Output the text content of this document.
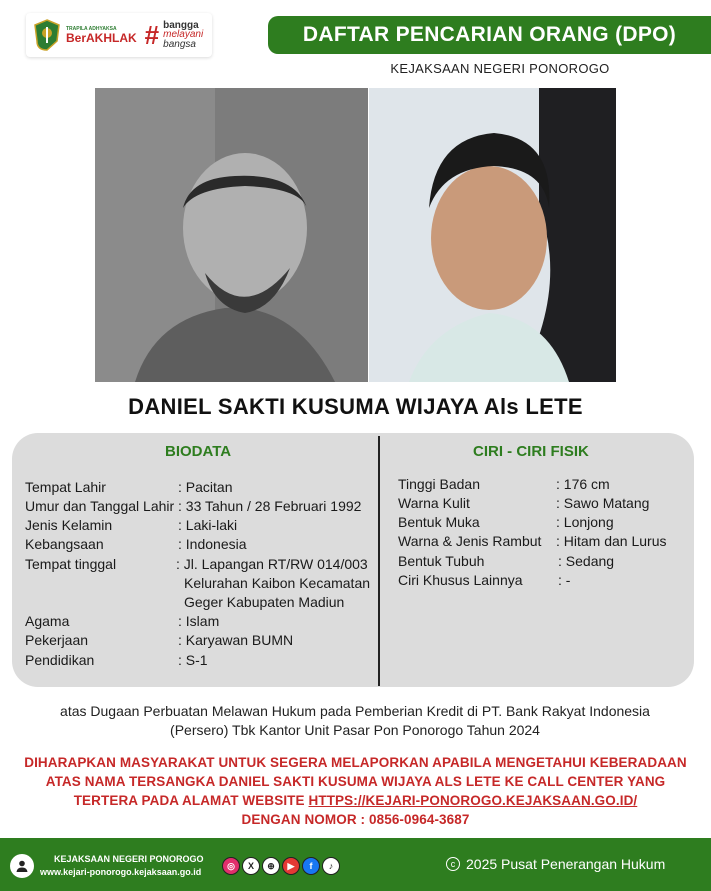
TRAPILA ADHYAKSA
BerAKHLAK # bangga
melayani
bangsa	DAFTAR PENCARIAN ORANG (DPO)
KEJAKSAAN NEGERI PONOROGO
DANIEL SAKTI KUSUMA WIJAYA Als LETE
BIODATA	CIRI - CIRI FISIK
Tempat Lahir	: Pacitan
Umur dan Tanggal Lahir : 33 Tahun / 28 Februari 1992
Jenis Kelamin	: Laki-laki
Kebangsaan	: Indonesia
Tempat tinggal	: Jl. Lapangan RT/RW 014/003
Kelurahan Kaibon Kecamatan
Geger Kabupaten Madiun
Agama	: Islam
Pekerjaan	: Karyawan BUMN
Pendidikan	: S-1
Tinggi Badan	: 176 cm
Warna Kulit	: Sawo Matang
Bentuk Muka	: Lonjong
Warna & Jenis Rambut : Hitam dan Lurus
Bentuk Tubuh	: Sedang
Ciri Khusus Lainnya	: -
atas Dugaan Perbuatan Melawan Hukum pada Pemberian Kredit di PT. Bank Rakyat Indonesia
(Persero) Tbk Kantor Unit Pasar Pon Ponorogo Tahun 2024
DIHARAPKAN MASYARAKAT UNTUK SEGERA MELAPORKAN APABILA MENGETAHUI KEBERADAAN
ATAS NAMA TERSANGKA DANIEL SAKTI KUSUMA WIJAYA ALS LETE KE CALL CENTER YANG
TERTERA PADA ALAMAT WEBSITE HTTPS://KEJARI-PONOROGO.KEJAKSAAN.GO.ID/
DENGAN NOMOR : 0856-0964-3687
KEJAKSAAN NEGERI PONOROGO
www.kejari-ponorogo.kejaksaan.go.id
◎	X	⊕	▶	f	♪	c 2025 Pusat Penerangan Hukum
